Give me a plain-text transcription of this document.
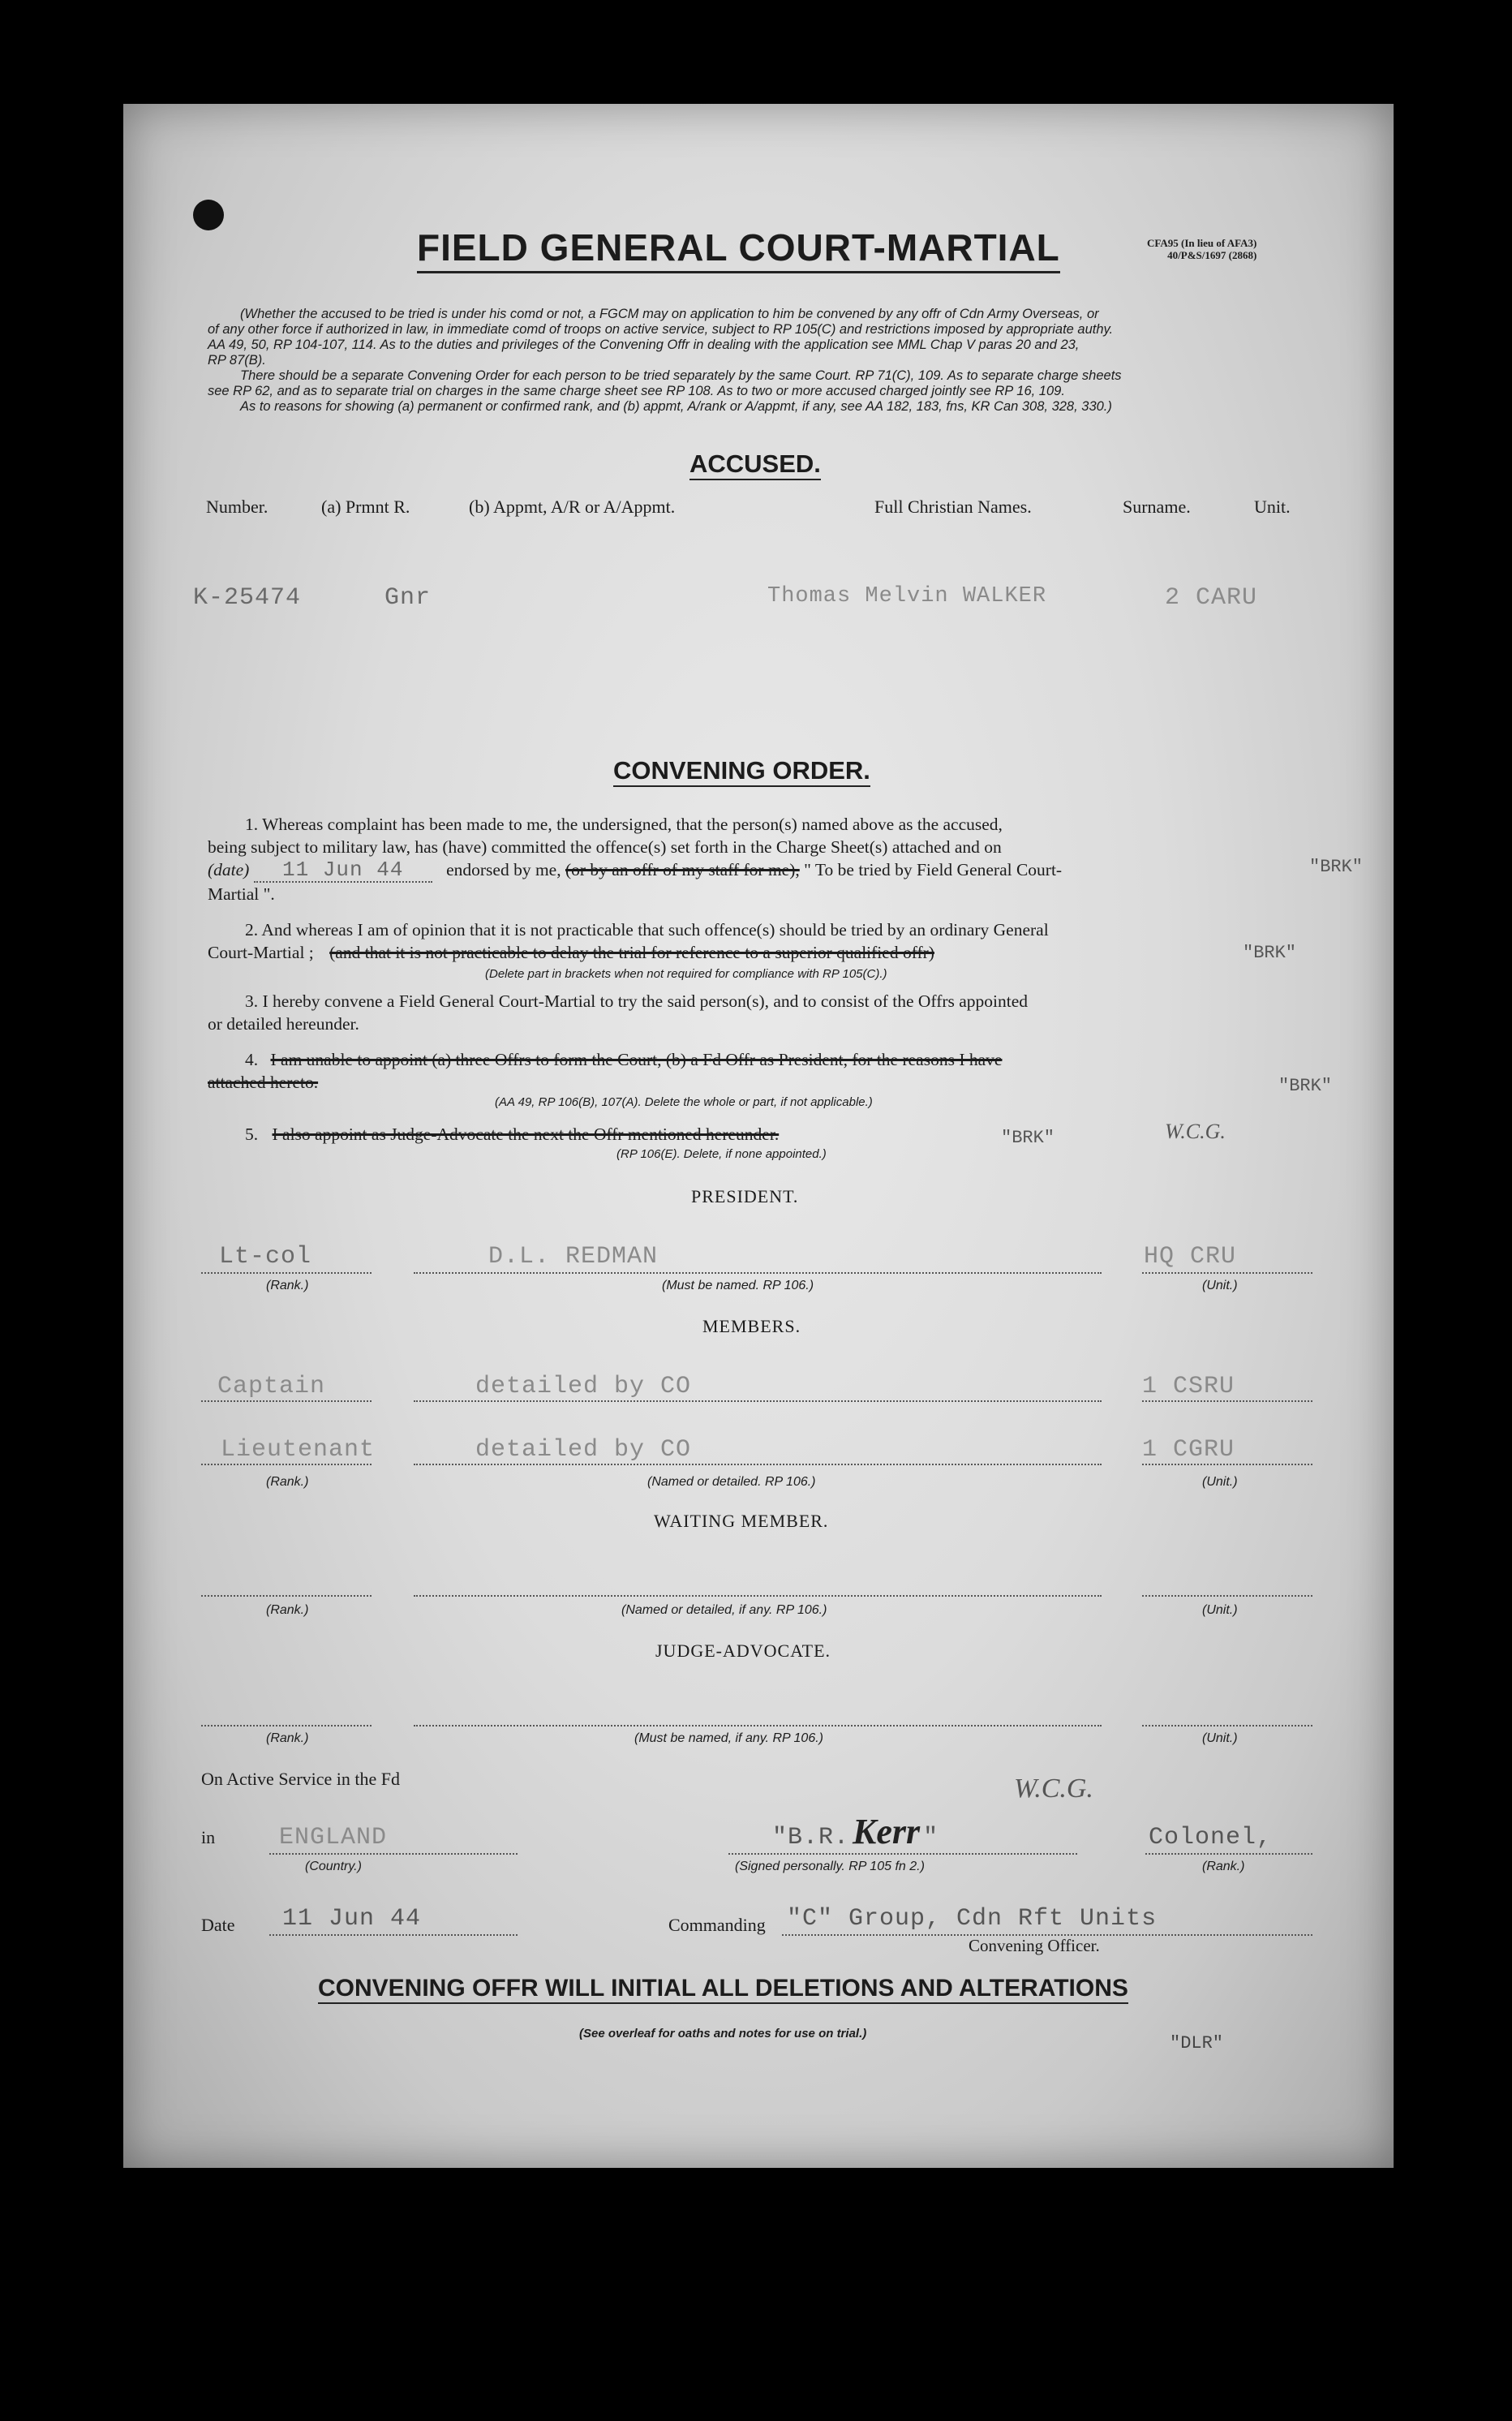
FIELD GENERAL COURT-MARTIAL	CFA95 (In lieu of AFA3)
40/P&S/1697 (2868)
(Whether the accused to be tried is under his comd or not, a FGCM may on application to him be convened by any offr of Cdn Army Overseas, or
of any other force if authorized in law, in immediate comd of troops on active service, subject to RP 105(C) and restrictions imposed by appropriate authy.
AA 49, 50, RP 104-107, 114. As to the duties and privileges of the Convening Offr in dealing with the application see MML Chap V paras 20 and 23,
RP 87(B).
There should be a separate Convening Order for each person to be tried separately by the same Court. RP 71(C), 109. As to separate charge sheets
see RP 62, and as to separate trial on charges in the same charge sheet see RP 108. As to two or more accused charged jointly see RP 16, 109.
As to reasons for showing (a) permanent or confirmed rank, and (b) appmt, A/rank or A/appmt, if any, see AA 182, 183, fns, KR Can 308, 328, 330.)
ACCUSED.
Number.	(a) Prmnt R.	(b) Appmt, A/R or A/Appmt.	Full Christian Names.	Surname.	Unit.
K-25474	Gnr	Thomas Melvin WALKER	2 CARU
CONVENING ORDER.
1. Whereas complaint has been made to me, the undersigned, that the person(s) named above as the accused,
being subject to military law, has (have) committed the offence(s) set forth in the Charge Sheet(s) attached and on
(date) 11 Jun 44 endorsed by me, (or by an offr of my staff for me), " To be tried by Field General Court-
Martial ".
"BRK"
2. And whereas I am of opinion that it is not practicable that such offence(s) should be tried by an ordinary General
Court-Martial ; (and that it is not practicable to delay the trial for reference to a superior qualified offr)
(Delete part in brackets when not required for compliance with RP 105(C).)
"BRK"
3. I hereby convene a Field General Court-Martial to try the said person(s), and to consist of the Offrs appointed
or detailed hereunder.
4. I am unable to appoint (a) three Offrs to form the Court, (b) a Fd Offr as President, for the reasons I have
attached hereto.
(AA 49, RP 106(B), 107(A). Delete the whole or part, if not applicable.)
"BRK"
5. I also appoint as Judge-Advocate the next the Offr mentioned hereunder.
(RP 106(E). Delete, if none appointed.)
"BRK"	W.C.G.
PRESIDENT.
Lt-col	D.L. REDMAN	HQ CRU
(Rank.)	(Must be named. RP 106.)	(Unit.)
MEMBERS.
Captain	detailed by CO	1 CSRU
Lieutenant	detailed by CO	1 CGRU
(Rank.)	(Named or detailed. RP 106.)	(Unit.)
WAITING MEMBER.
(Rank.)	(Named or detailed, if any. RP 106.)	(Unit.)
JUDGE-ADVOCATE.
(Rank.)	(Must be named, if any. RP 106.)	(Unit.)
On Active Service in the Fd	W.C.G.
in	ENGLAND
(Country.)
"B.R. Kerr "
(Signed personally. RP 105 fn 2.)
Colonel,
(Rank.)
Date 11 Jun 44	Commanding "C" Group, Cdn Rft Units
Convening Officer.
CONVENING OFFR WILL INITIAL ALL DELETIONS AND ALTERATIONS
(See overleaf for oaths and notes for use on trial.)	"DLR"
